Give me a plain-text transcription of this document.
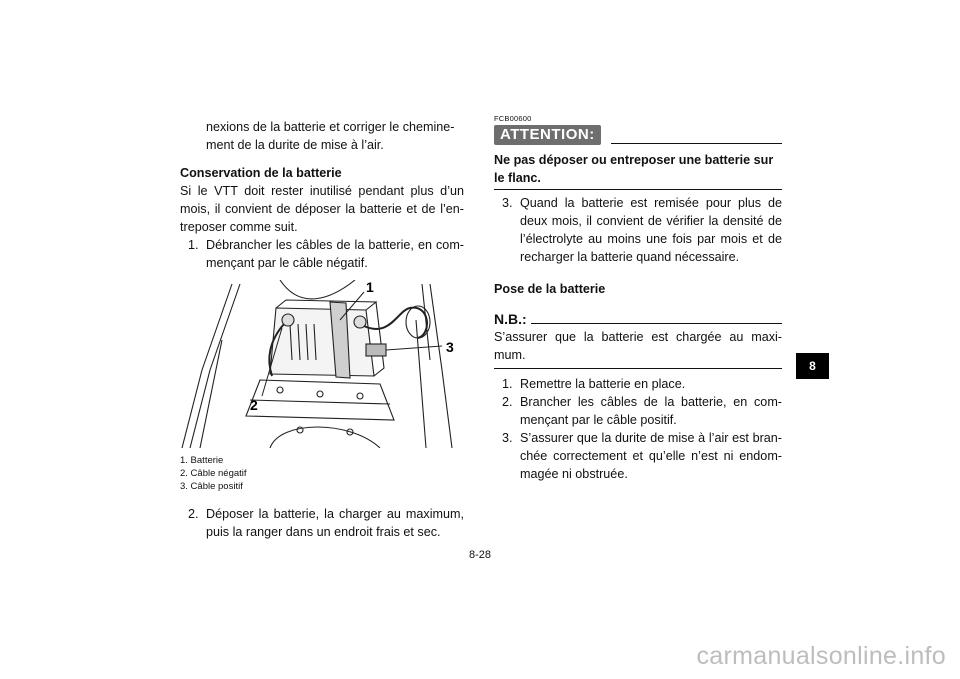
nexions de la batterie et corriger le chemine-

ment de la durite de mise à l’air.

Conservation de la batterie

Si le VTT doit rester inutilisé pendant plus d’un mois, il convient de déposer la batterie et de l’en-treposer comme suit.

1. Débrancher les câbles de la batterie, en com-mençant par le câble négatif.
1
2
3

1. Batterie

2. Câble négatif

3. Câble positif

2. Déposer la batterie, la charger au maximum, puis la ranger dans un endroit frais et sec.

FCB00600

ATTENTION:

Ne pas déposer ou entreposer une batterie sur le flanc.

3. Quand la batterie est remisée pour plus de deux mois, il convient de vérifier la densité de l’électrolyte au moins une fois par mois et de recharger la batterie quand nécessaire.

Pose de la batterie

N.B.:

S’assurer que la batterie est chargée au maxi-mum.

1. Remettre la batterie en place.
2. Brancher les câbles de la batterie, en com-mençant par le câble positif.
3. S’assurer que la durite de mise à l’air est bran-chée correctement et qu’elle n’est ni endom-magée ni obstruée.
8-28
8
carmanualsonline.info
